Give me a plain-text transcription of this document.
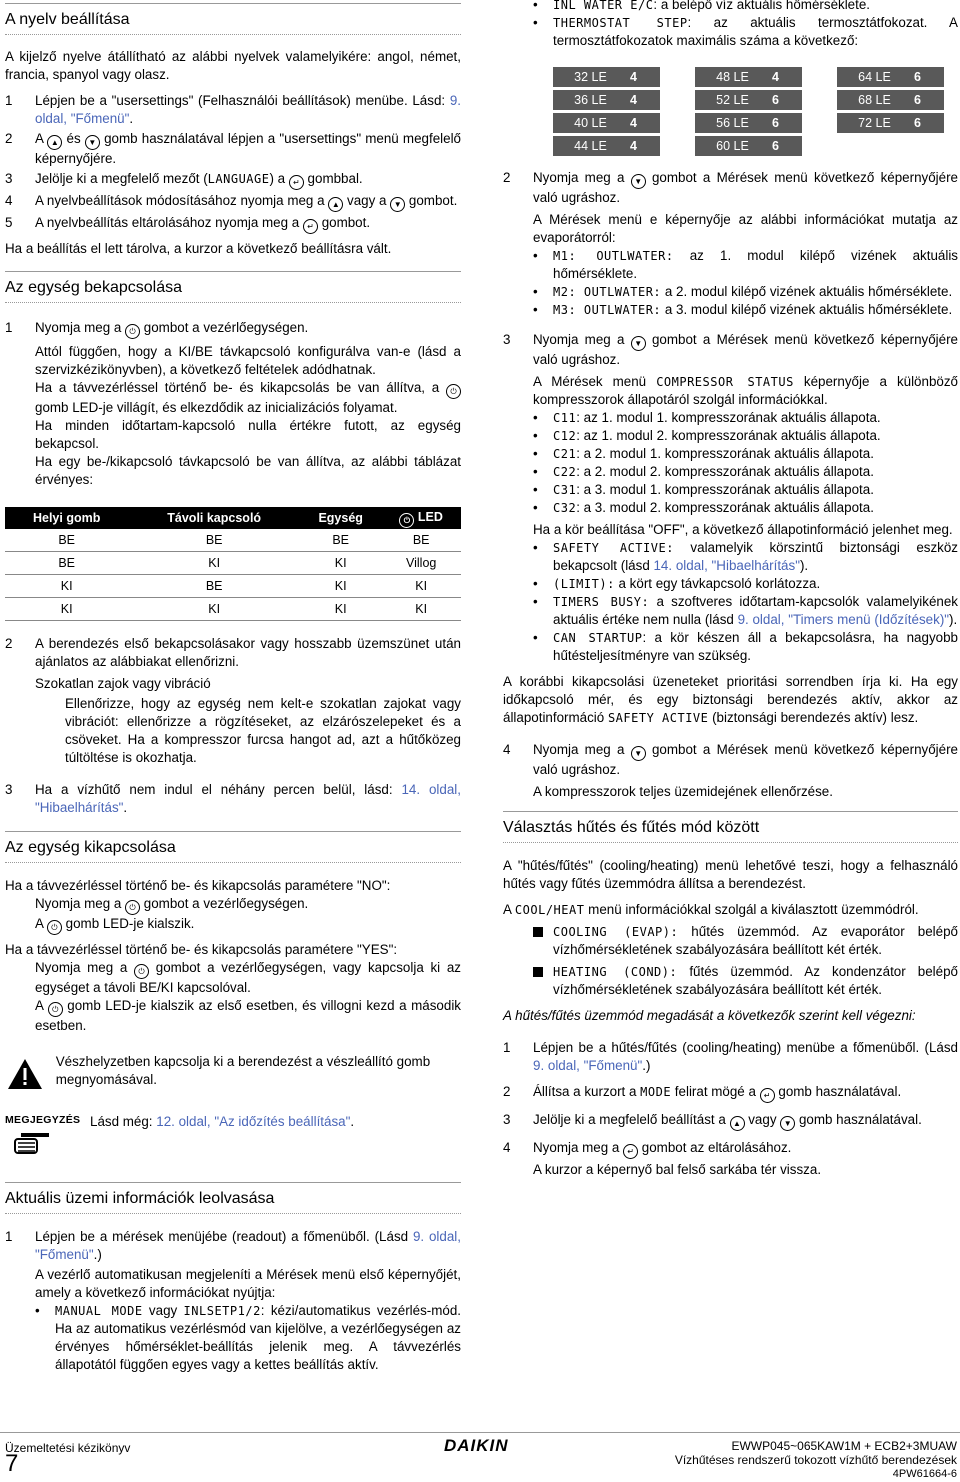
A nyelv beállítása

A kijelző nyelve átállítható az alábbi nyelvek valamelyikére: angol, német, francia, spanyol vagy olasz.

1	Lépjen be a "usersettings" (Felhasználói beállítások) menübe. Lásd: 9. oldal, "Főmenü".
2	A ▲ és ▼ gomb használatával lépjen a "usersettings" menü megfelelő képernyőjére.
3	Jelölje ki a megfelelő mezőt (LANGUAGE) a ↵ gombbal.
4	A nyelvbeállítások módosításához nyomja meg a ▲ vagy a ▼ gombot.
5	A nyelvbeállítás eltárolásához nyomja meg a ↵ gombot.

Ha a beállítás el lett tárolva, a kurzor a következő beállításra vált.

Az egység bekapcsolása
1	Nyomja meg a ⏻ gombot a vezérlőegységen.

Attól függően, hogy a KI/BE távkapcsoló konfigurálva van-e (lásd a szervizkézikönyvben), a következő feltételek adódhatnak.

Ha a távvezérléssel történő be- és kikapcsolás be van állítva, a ⏻ gomb LED-je villágít, és elkezdődik az inicializációs folyamat.

Ha minden időtartam-kapcsoló nulla értékre futott, az egység bekapcsol.

Ha egy be-/kikapcsoló távkapcsoló be van állítva, az alábbi táblázat érvényes:

Helyi gomb	Távoli kapcsoló	Egység	⏻ LED
BE	BE	BE	BE
BE	KI	KI	Villog
KI	BE	KI	KI
KI	KI	KI	KI
2	A berendezés első bekapcsolásakor vagy hosszabb üzemszünet után ajánlatos az alábbiakat ellenőrizni.

Szokatlan zajok vagy vibráció

Ellenőrizze, hogy az egység nem kelt-e szokatlan zajokat vagy vibrációt: ellenőrizze a rögzítéseket, az elzárószelepeket és a csöveket. Ha a kompresszor furcsa hangot ad, azt a hűtőközeg túltöltése is okozhatja.

3	Ha a vízhűtő nem indul el néhány percen belül, lásd: 14. oldal, "Hibaelhárítás".
Az egység kikapcsolása

Ha a távvezérléssel történő be- és kikapcsolás paramétere "NO":

Nyomja meg a ⏻ gombot a vezérlőegységen.

A ⏻ gomb LED-je kialszik.

Ha a távvezérléssel történő be- és kikapcsolás paramétere "YES":

Nyomja meg a ⏻ gombot a vezérlőegységen, vagy kapcsolja ki az egységet a távoli BE/KI kapcsolóval.

A ⏻ gomb LED-je kialszik az első esetben, és villogni kezd a második esetben.

Vészhelyzetben kapcsolja ki a berendezést a vészleállító gomb megnyomásával.

MEGJEGYZÉS Lásd még: 12. oldal, "Az időzítés beállítása".

Aktuális üzemi információk leolvasása
1	Lépjen be a mérések menüjébe (readout) a főmenüből. (Lásd 9. oldal, "Főmenü".)

A vezérlő automatikusan megjeleníti a Mérések menü első képernyőjét, amely a következő információkat nyújtja:

• MANUAL MODE vagy INLSETP1/2: kézi/automatikus vezérlés-mód. Ha az automatikus vezérlésmód van kijelölve, a vezérlőegységen az érvényes hőmérséklet-beállítás jelenik meg. A távvezérlés állapotától függően egyes vagy a kettes beállítás aktív.
• INL WATER E/C: a belépő víz aktuális hőmérséklete.
• THERMOSTAT STEP: az aktuális termosztátfokozat. A termosztátfokozatok maximális száma a következő:
32 LE	4		48 LE	4		64 LE	6
36 LE	4		52 LE	6		68 LE	6
40 LE	4		56 LE	6		72 LE	6
44 LE	4		60 LE	6			
2	Nyomja meg a ▼ gombot a Mérések menü következő képernyőjére való ugráshoz.

A Mérések menü e képernyője az alábbi információkat mutatja az evaporátorról:

• M1: OUTLWATER: az 1. modul kilépő vizének aktuális hőmérséklete.
• M2: OUTLWATER: a 2. modul kilépő vizének aktuális hőmérséklete.
• M3: OUTLWATER: a 3. modul kilépő vizének aktuális hőmérséklete.
3	Nyomja meg a ▼ gombot a Mérések menü következő képernyőjére való ugráshoz.

A Mérések menü COMPRESSOR STATUS képernyője a különböző kompresszorok állapotáról szolgál információkkal.

• C11: az 1. modul 1. kompresszorának aktuális állapota.
• C12: az 1. modul 2. kompresszorának aktuális állapota.
• C21: a 2. modul 1. kompresszorának aktuális állapota.
• C22: a 2. modul 2. kompresszorának aktuális állapota.
• C31: a 3. modul 1. kompresszorának aktuális állapota.
• C32: a 3. modul 2. kompresszorának aktuális állapota.

Ha a kör beállítása "OFF", a következő állapotinformáció jelenhet meg.

• SAFETY ACTIVE: valamelyik körszintű biztonsági eszköz bekapcsolt (lásd 14. oldal, "Hibaelhárítás").
• (LIMIT): a kört egy távkapcsoló korlátozza.
• TIMERS BUSY: a szoftveres időtartam-kapcsolók valamelyikének aktuális értéke nem nulla (lásd 9. oldal, "Timers menü (Időzítések)").
• CAN STARTUP: a kör készen áll a bekapcsolásra, ha nagyobb hűtésteljesítményre van szükség.

A korábbi kikapcsolási üzeneteket prioritási sorrendben írja ki. Ha egy időkapcsoló mér, és egy biztonsági berendezés aktív, akkor az állapotinformáció SAFETY ACTIVE (biztonsági berendezés aktív) lesz.

4	Nyomja meg a ▼ gombot a Mérések menü következő képernyőjére való ugráshoz.

A kompresszorok teljes üzemidejének ellenőrzése.

Választás hűtés és fűtés mód között

A "hűtés/fűtés" (cooling/heating) menü lehetővé teszi, hogy a felhasználó hűtés vagy fűtés üzemmódra állítsa a berendezést.

A COOL/HEAT menü információkkal szolgál a kiválasztott üzemmódról.

COOLING (EVAP): hűtés üzemmód. Az evaporátor belépő vízhőmérsékletének szabályozására beállított két érték.
HEATING (COND): fűtés üzemmód. Az kondenzátor belépő vízhőmérsékletének szabályozására beállított két érték.

A hűtés/fűtés üzemmód megadását a következők szerint kell végezni:

1	Lépjen be a hűtés/fűtés (cooling/heating) menübe a főmenüből. (Lásd 9. oldal, "Főmenü".)
2	Állítsa a kurzort a MODE felirat mögé a ↵ gomb használatával.
3	Jelölje ki a megfelelő beállítást a ▲ vagy ▼ gomb használatával.
4	Nyomja meg a ↵ gombot az eltárolásához.

A kurzor a képernyő bal felső sarkába tér vissza.

Üzemeltetési kézikönyv
7
DAIKIN	EWWP045~065KAW1M + ECB2+3MUAW
Vízhűtéses rendszerű tokozott vízhűtő berendezések
4PW61664-6
